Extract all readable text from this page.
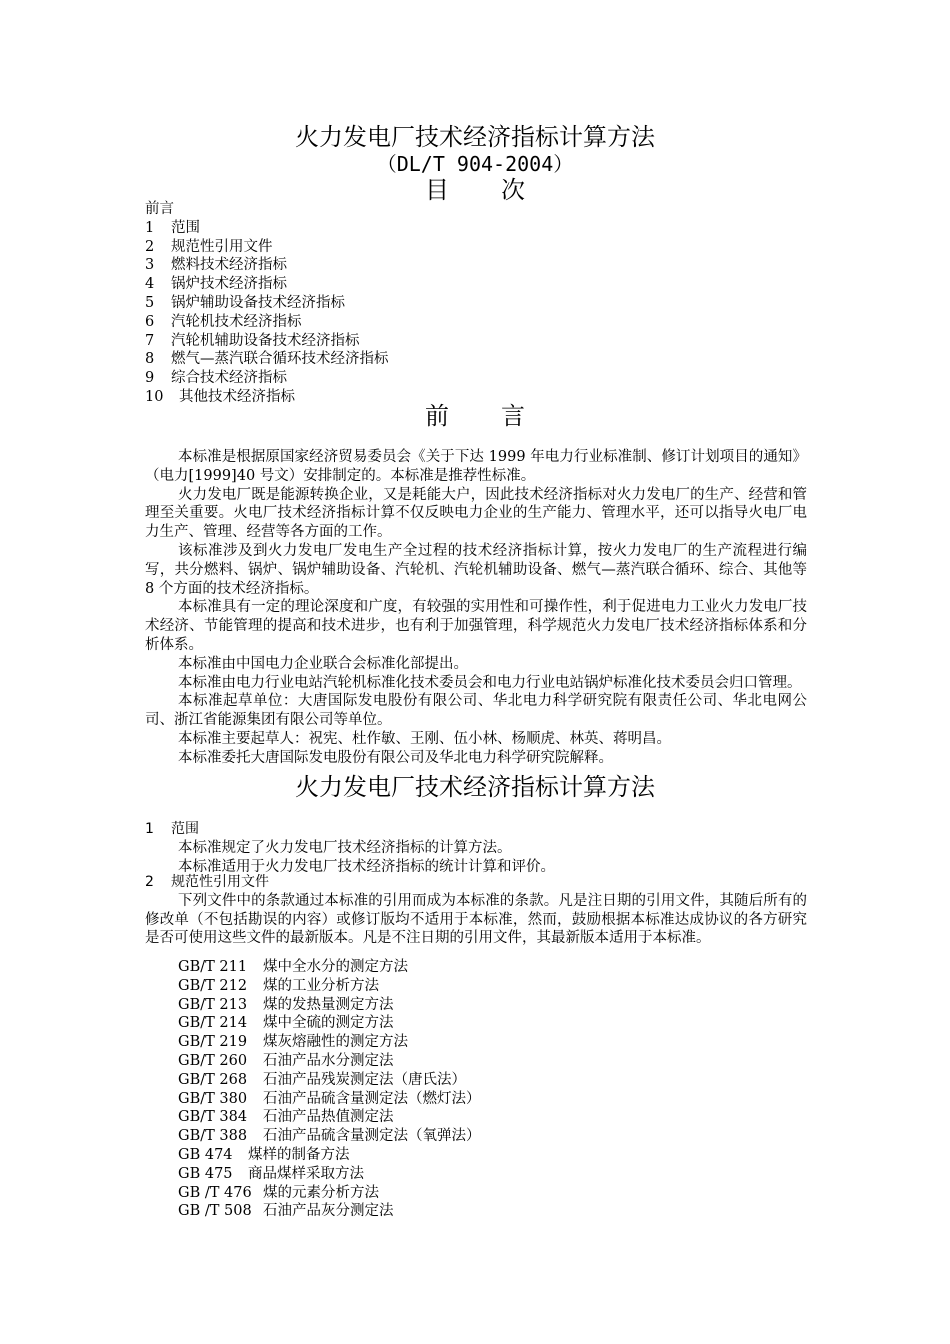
火力发电厂技术经济指标计算方法
（DL/T 904-2004）
目次
前言
1 范围
2 规范性引用文件
3 燃料技术经济指标
4 锅炉技术经济指标
5 锅炉辅助设备技术经济指标
6 汽轮机技术经济指标
7 汽轮机辅助设备技术经济指标
8 燃气—蒸汽联合循环技术经济指标
9 综合技术经济指标
10 其他技术经济指标
前言

本标准是根据原国家经济贸易委员会《关于下达 1999 年电力行业标准制、修订计划项目的通知》（电力[1999]40 号文）安排制定的。本标准是推荐性标准。

火力发电厂既是能源转换企业，又是耗能大户，因此技术经济指标对火力发电厂的生产、经营和管理至关重要。火电厂技术经济指标计算不仅反映电力企业的生产能力、管理水平，还可以指导火电厂电力生产、管理、经营等各方面的工作。

该标准涉及到火力发电厂发电生产全过程的技术经济指标计算，按火力发电厂的生产流程进行编写，共分燃料、锅炉、锅炉辅助设备、汽轮机、汽轮机辅助设备、燃气—蒸汽联合循环、综合、其他等 8 个方面的技术经济指标。

本标准具有一定的理论深度和广度，有较强的实用性和可操作性，利于促进电力工业火力发电厂技术经济、节能管理的提高和技术进步，也有利于加强管理，科学规范火力发电厂技术经济指标体系和分析体系。

本标准由中国电力企业联合会标准化部提出。

本标准由电力行业电站汽轮机标准化技术委员会和电力行业电站锅炉标准化技术委员会归口管理。

本标准起草单位：大唐国际发电股份有限公司、华北电力科学研究院有限责任公司、华北电网公司、浙江省能源集团有限公司等单位。

本标准主要起草人：祝宪、杜作敏、王刚、伍小林、杨顺虎、林英、蒋明昌。

本标准委托大唐国际发电股份有限公司及华北电力科学研究院解释。

火力发电厂技术经济指标计算方法
1 范围

本标准规定了火力发电厂技术经济指标的计算方法。

本标准适用于火力发电厂技术经济指标的统计计算和评价。

2 规范性引用文件

下列文件中的条款通过本标准的引用而成为本标准的条款。凡是注日期的引用文件，其随后所有的修改单（不包括勘误的内容）或修订版均不适用于本标准，然而，鼓励根据本标准达成协议的各方研究是否可使用这些文件的最新版本。凡是不注日期的引用文件，其最新版本适用于本标准。

GB/T 211 煤中全水分的测定方法
GB/T 212 煤的工业分析方法
GB/T 213 煤的发热量测定方法
GB/T 214 煤中全硫的测定方法
GB/T 219 煤灰熔融性的测定方法
GB/T 260 石油产品水分测定法
GB/T 268 石油产品残炭测定法（唐氏法）
GB/T 380 石油产品硫含量测定法（燃灯法）
GB/T 384 石油产品热值测定法
GB/T 388 石油产品硫含量测定法（氧弹法）
GB 474 煤样的制备方法
GB 475 商品煤样采取方法
GB /T 476 煤的元素分析方法
GB /T 508 石油产品灰分测定法
